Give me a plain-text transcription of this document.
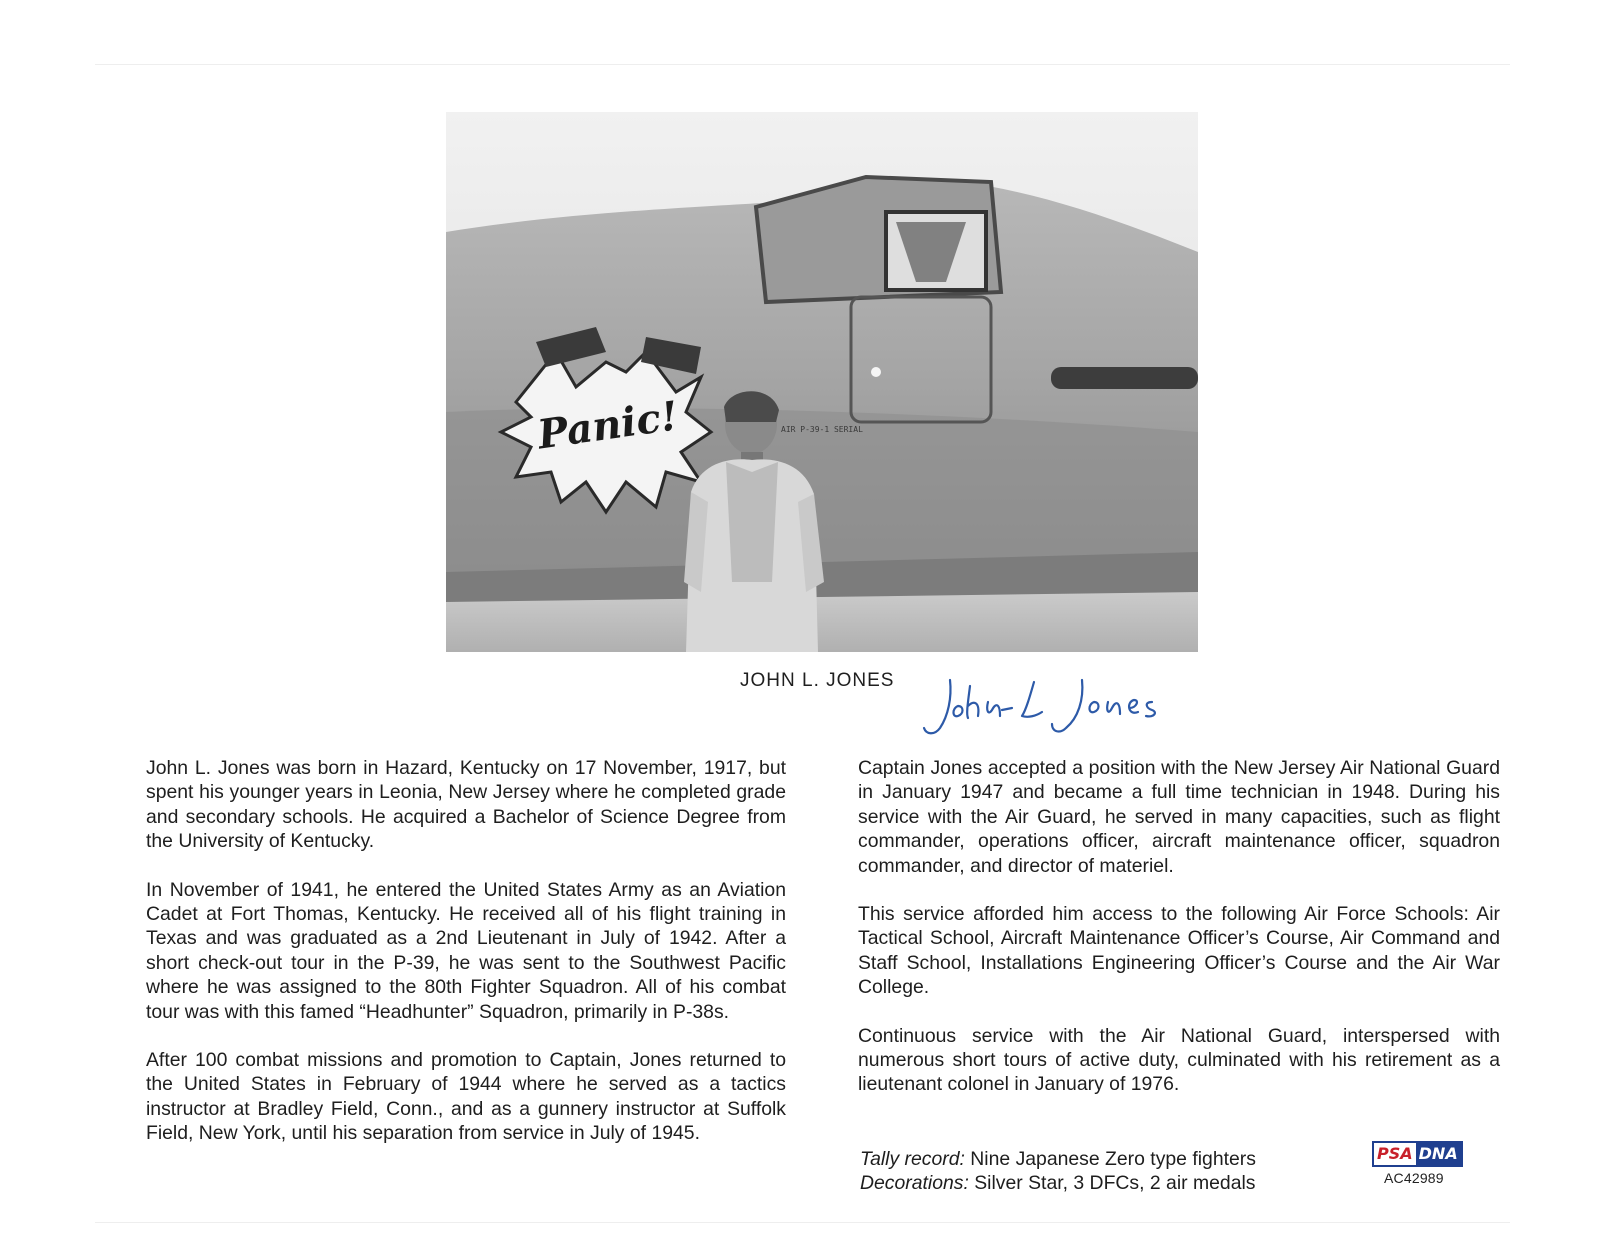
AIR P-39-1 SERIAL
Panic!
JOHN L. JONES	John L Jones

John L. Jones was born in Hazard, Kentucky on 17 November, 1917, but spent his younger years in Leonia, New Jersey where he completed grade and secondary schools. He acquired a Bachelor of Science Degree from the University of Kentucky.

In November of 1941, he entered the United States Army as an Aviation Cadet at Fort Thomas, Kentucky. He received all of his flight training in Texas and was graduated as a 2nd Lieutenant in July of 1942. After a short check-out tour in the P-39, he was sent to the Southwest Pacific where he was assigned to the 80th Fighter Squadron. All of his combat tour was with this famed “Headhunter” Squadron, primarily in P-38s.

After 100 combat missions and promotion to Captain, Jones returned to the United States in February of 1944 where he served as a tactics instructor at Bradley Field, Conn., and as a gunnery instructor at Suffolk Field, New York, until his separation from service in July of 1945.

Captain Jones accepted a position with the New Jersey Air National Guard in January 1947 and became a full time technician in 1948. During his service with the Air Guard, he served in many capacities, such as flight commander, operations officer, aircraft maintenance officer, squadron commander, and director of materiel.

This service afforded him access to the following Air Force Schools: Air Tactical School, Aircraft Maintenance Officer’s Course, Air Command and Staff School, Installations Engineering Officer’s Course and the Air War College.

Continuous service with the Air National Guard, interspersed with numerous short tours of active duty, culminated with his retirement as a lieutenant colonel in January of 1976.

Tally record: Nine Japanese Zero type fighters
Decorations: Silver Star, 3 DFCs, 2 air medals
PSA DNA
AC42989
